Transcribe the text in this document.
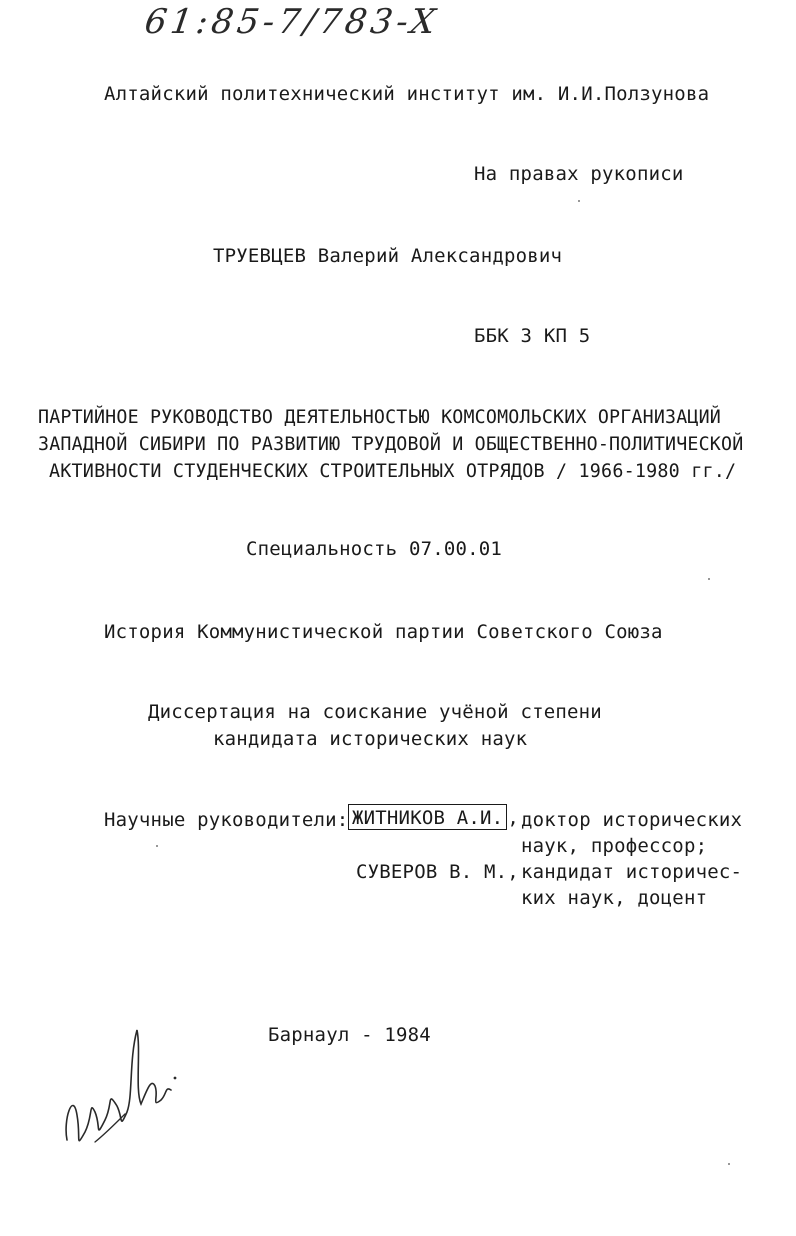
61:85-7/783-X
Алтайский политехнический институт им. И.И.Ползунова
На правах рукописи
ТРУЕВЦЕВ Валерий Александрович
ББК 3 КП 5
ПАРТИЙНОЕ РУКОВОДСТВО ДЕЯТЕЛЬНОСТЬЮ КОМСОМОЛЬСКИХ ОРГАНИЗАЦИЙ
ЗАПАДНОЙ СИБИРИ ПО РАЗВИТИЮ ТРУДОВОЙ И ОБЩЕСТВЕННО-ПОЛИТИЧЕСКОЙ
АКТИВНОСТИ СТУДЕНЧЕСКИХ СТРОИТЕЛЬНЫХ ОТРЯДОВ / 1966-1980 гг./
Специальность 07.00.01
История Коммунистической партии Советского Союза
Диссертация на соискание учёной степени
кандидата исторических наук
Научные руководители: ЖИТНИКОВ А.И. , доктор исторических
наук, профессор;
СУВЕРОВ В. М., кандидат историчес-
ких наук, доцент
Барнаул - 1984
